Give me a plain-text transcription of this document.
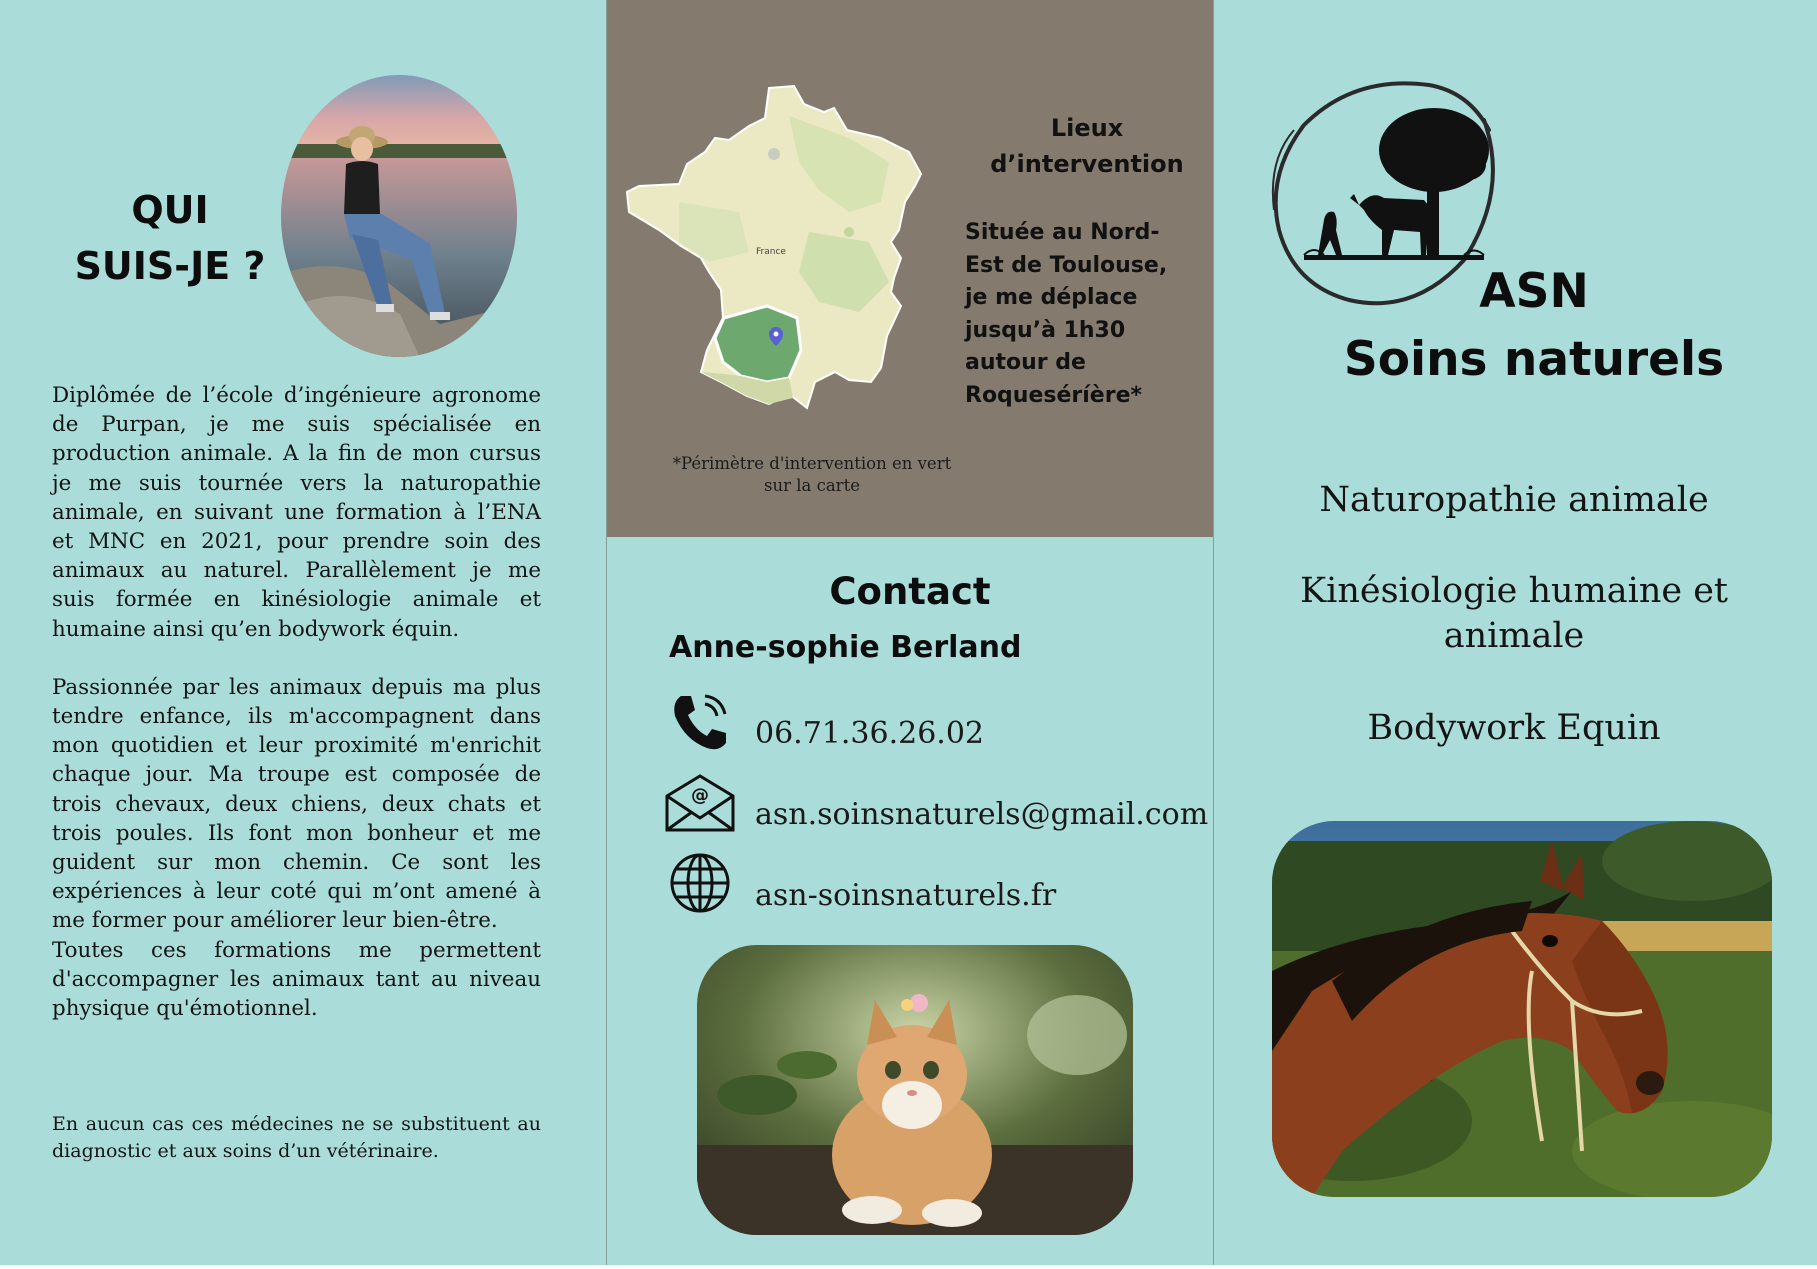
QUI
SUIS-JE ?

Diplômée de l’école d’ingénieure agronome de Purpan, je me suis spécialisée en production animale. A la fin de mon cursus je me suis tournée vers la naturopathie animale, en suivant une formation à l’ENA et MNC en 2021, pour prendre soin des animaux au naturel. Parallèlement je me suis formée en kinésiologie animale et humaine ainsi qu’en bodywork équin.

Passionnée par les animaux depuis ma plus tendre enfance, ils m'accompagnent dans mon quotidien et leur proximité m'enrichit chaque jour. Ma troupe est composée de trois chevaux, deux chiens, deux chats et trois poules. Ils font mon bonheur et me guident sur mon chemin. Ce sont les expériences à leur coté qui m’ont amené à me former pour améliorer leur bien-être.

Toutes ces formations me permettent d'accompagner les animaux tant au niveau physique qu'émotionnel.

En aucun cas ces médecines ne se substituent au diagnostic et aux soins d’un vétérinaire.
France
Lieux
d’intervention
Située au Nord-
Est de Toulouse,
je me déplace
jusqu’à 1h30
autour de
Roqueséríère*
*Périmètre d'intervention en vert
sur la carte
Contact
Anne-sophie Berland
06.71.36.26.02
@
asn.soinsnaturels@gmail.com
asn-soinsnaturels.fr
ASN
Soins naturels
Naturopathie animale
Kinésiologie humaine et animale
Bodywork Equin
